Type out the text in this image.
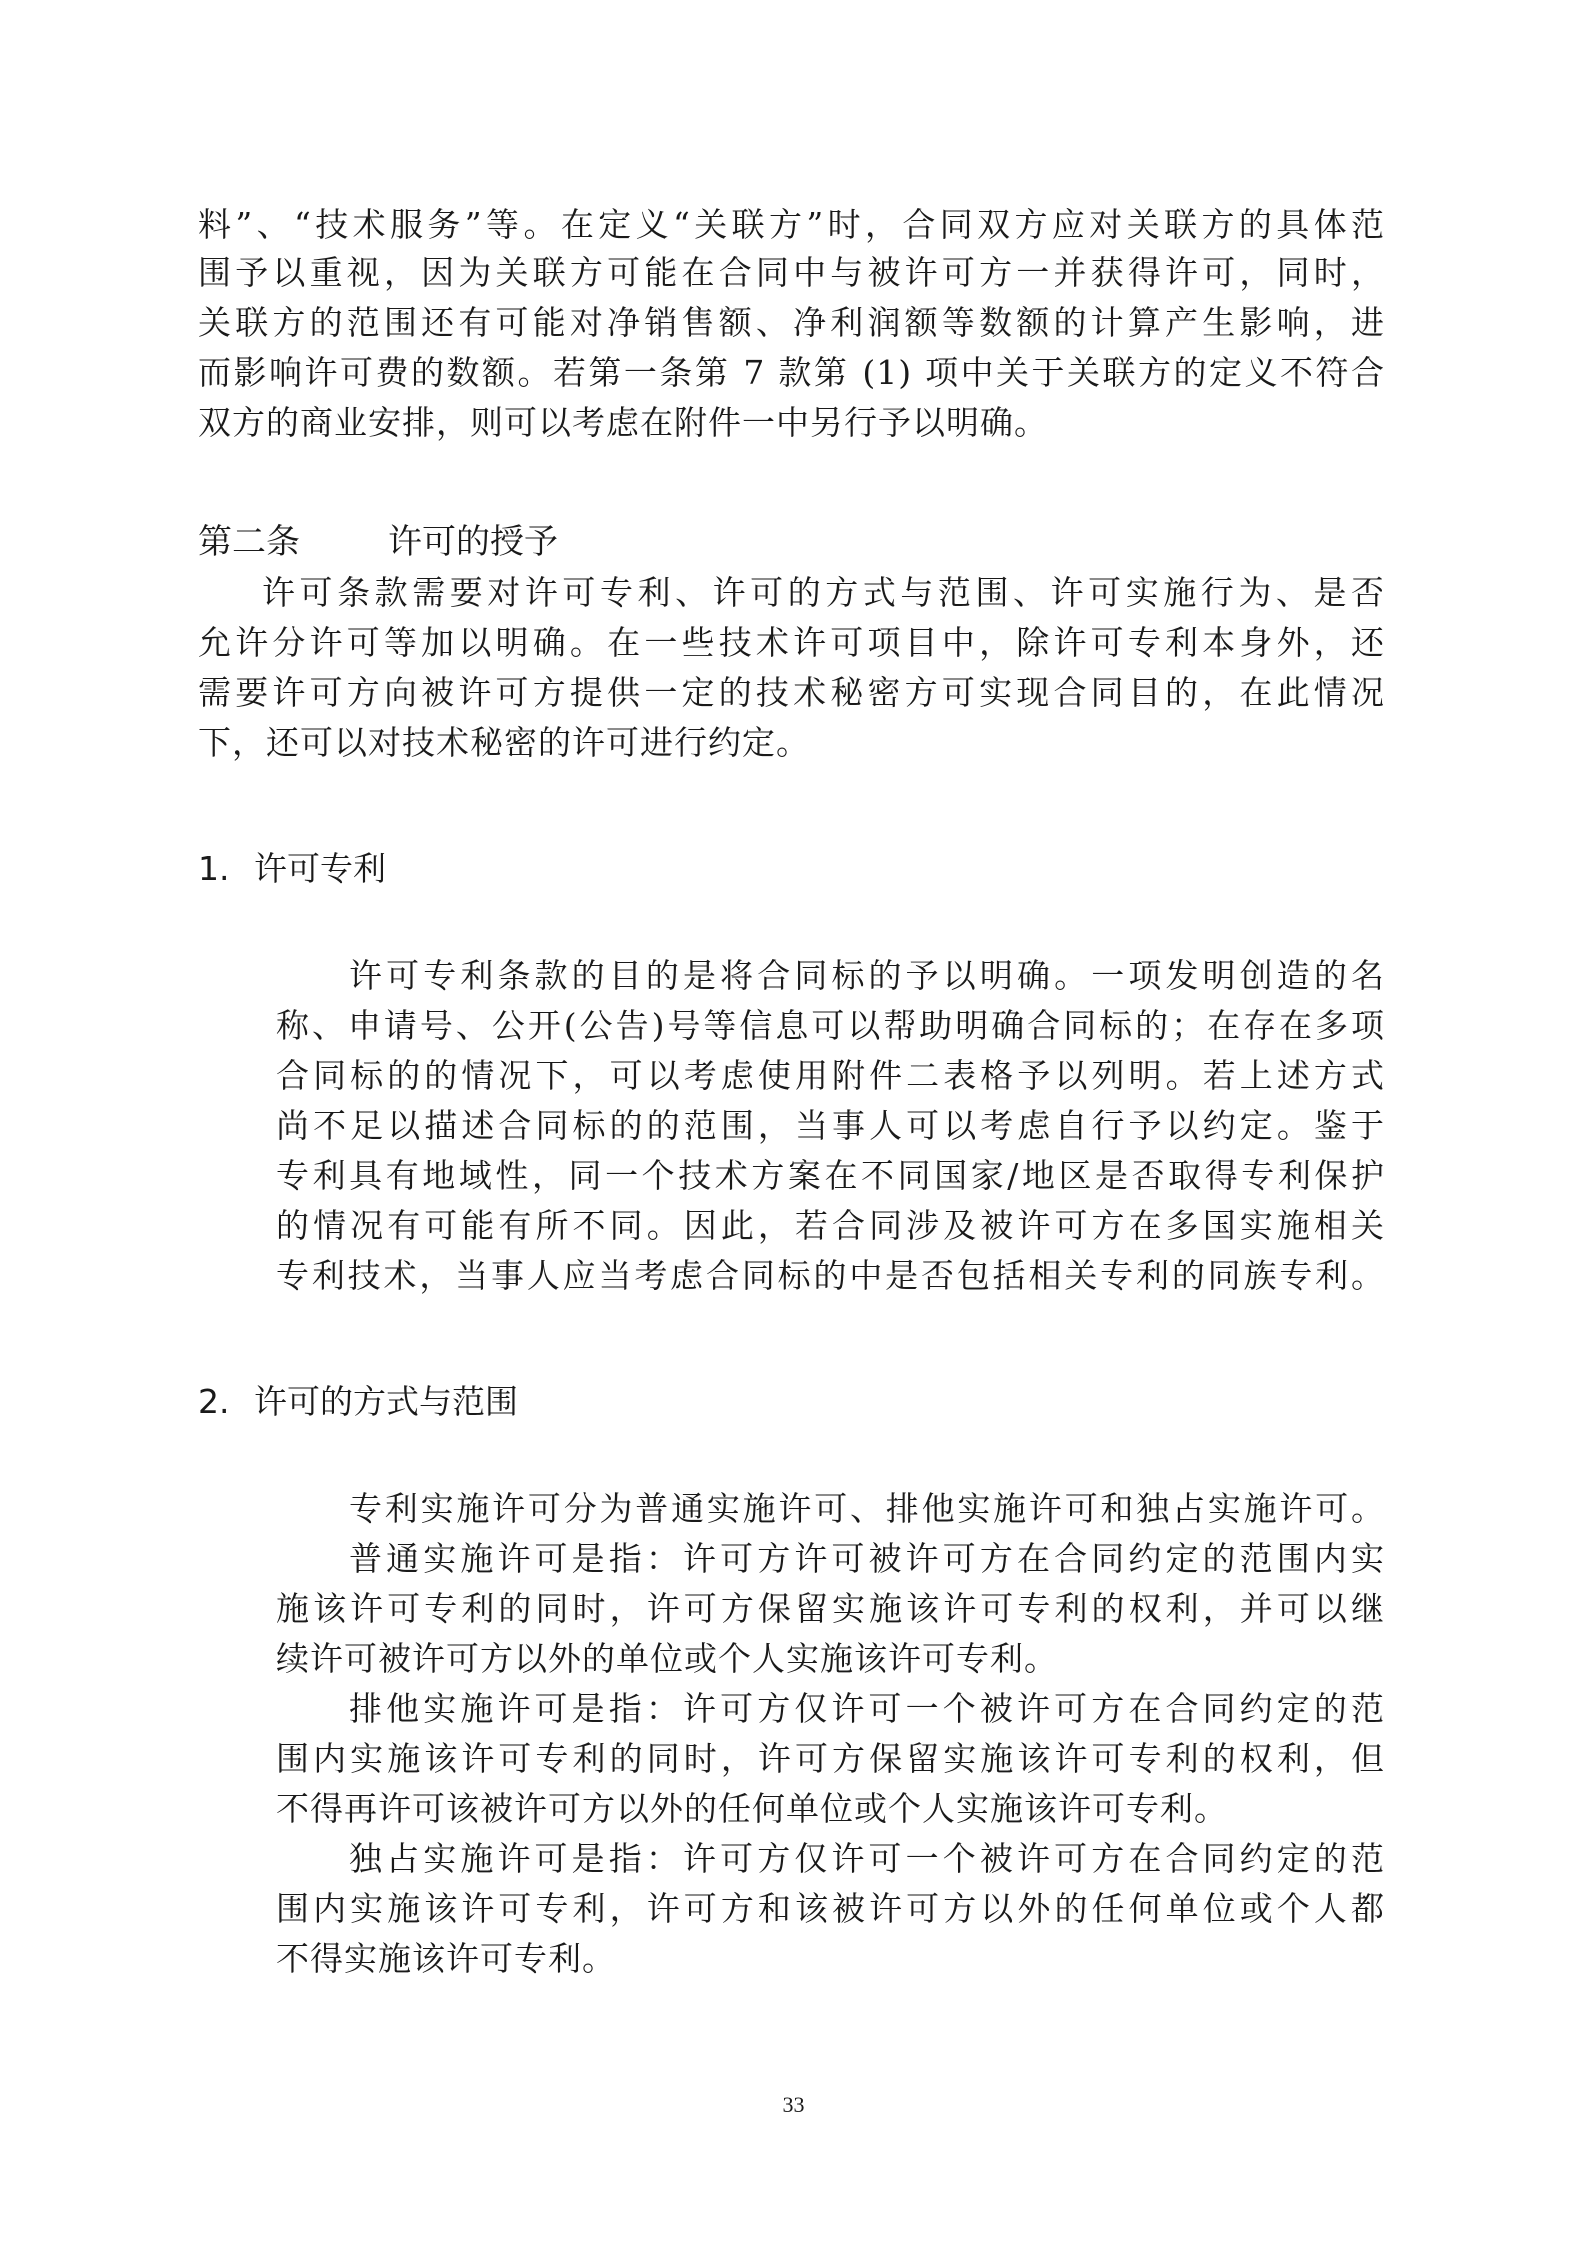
料”、“技术服务”等。在定义“关联方”时，合同双方应对关联方的具体范
围予以重视，因为关联方可能在合同中与被许可方一并获得许可，同时，
关联方的范围还有可能对净销售额、净利润额等数额的计算产生影响，进
而影响许可费的数额。若第一条第 7 款第 (1) 项中关于关联方的定义不符合
双方的商业安排，则可以考虑在附件一中另行予以明确。
第二条	许可的授予
许可条款需要对许可专利、许可的方式与范围、许可实施行为、是否
允许分许可等加以明确。在一些技术许可项目中，除许可专利本身外，还
需要许可方向被许可方提供一定的技术秘密方可实现合同目的，在此情况
下，还可以对技术秘密的许可进行约定。
1. 许可专利
许可专利条款的目的是将合同标的予以明确。一项发明创造的名
称、申请号、公开(公告)号等信息可以帮助明确合同标的；在存在多项
合同标的的情况下，可以考虑使用附件二表格予以列明。若上述方式
尚不足以描述合同标的的范围，当事人可以考虑自行予以约定。鉴于
专利具有地域性，同一个技术方案在不同国家/地区是否取得专利保护
的情况有可能有所不同。因此，若合同涉及被许可方在多国实施相关
专利技术，当事人应当考虑合同标的中是否包括相关专利的同族专利。
2. 许可的方式与范围
专利实施许可分为普通实施许可、排他实施许可和独占实施许可。
普通实施许可是指：许可方许可被许可方在合同约定的范围内实
施该许可专利的同时，许可方保留实施该许可专利的权利，并可以继
续许可被许可方以外的单位或个人实施该许可专利。
排他实施许可是指：许可方仅许可一个被许可方在合同约定的范
围内实施该许可专利的同时，许可方保留实施该许可专利的权利，但
不得再许可该被许可方以外的任何单位或个人实施该许可专利。
独占实施许可是指：许可方仅许可一个被许可方在合同约定的范
围内实施该许可专利，许可方和该被许可方以外的任何单位或个人都
不得实施该许可专利。
33
